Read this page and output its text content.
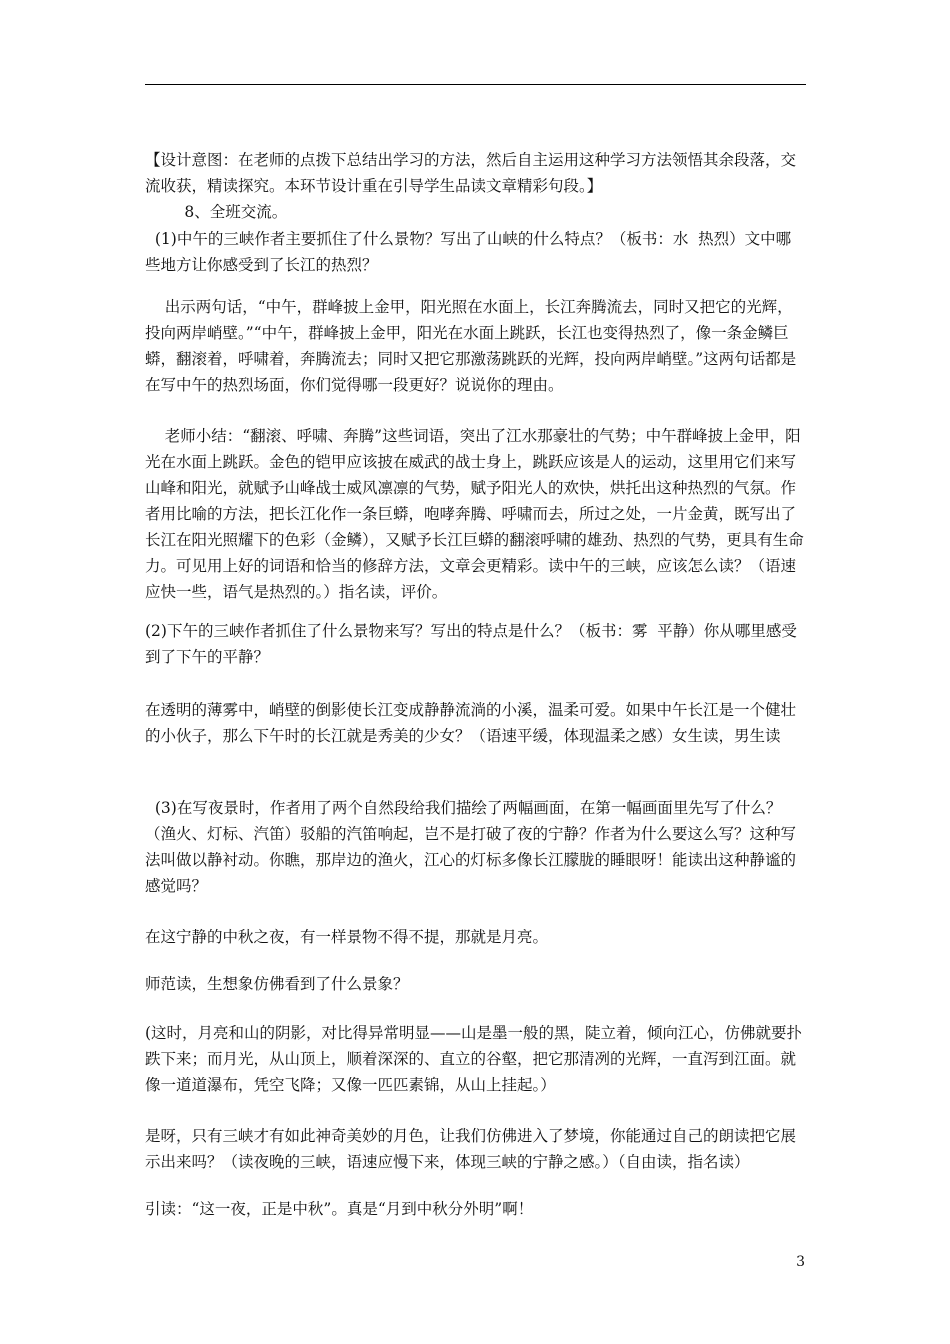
【设计意图：在老师的点拨下总结出学习的方法，然后自主运用这种学习方法领悟其余段落，交流收获，精读探究。本环节设计重在引导学生品读文章精彩句段。】

8、全班交流。

(1)中午的三峡作者主要抓住了什么景物？写出了山峡的什么特点？（板书：水  热烈）文中哪些地方让你感受到了长江的热烈？

出示两句话，“中午，群峰披上金甲，阳光照在水面上，长江奔腾流去，同时又把它的光辉，投向两岸峭壁。”“中午，群峰披上金甲，阳光在水面上跳跃，长江也变得热烈了，像一条金鳞巨蟒，翻滚着，呼啸着，奔腾流去；同时又把它那激荡跳跃的光辉，投向两岸峭壁。”这两句话都是在写中午的热烈场面，你们觉得哪一段更好？说说你的理由。

老师小结：“翻滚、呼啸、奔腾”这些词语，突出了江水那豪壮的气势；中午群峰披上金甲，阳光在水面上跳跃。金色的铠甲应该披在威武的战士身上，跳跃应该是人的运动，这里用它们来写山峰和阳光，就赋予山峰战士威风凛凛的气势，赋予阳光人的欢快，烘托出这种热烈的气氛。作者用比喻的方法，把长江化作一条巨蟒，咆哮奔腾、呼啸而去，所过之处，一片金黄，既写出了长江在阳光照耀下的色彩（金鳞），又赋予长江巨蟒的翻滚呼啸的雄劲、热烈的气势，更具有生命力。可见用上好的词语和恰当的修辞方法，文章会更精彩。读中午的三峡，应该怎么读？（语速应快一些，语气是热烈的。）指名读，评价。

(2)下午的三峡作者抓住了什么景物来写？写出的特点是什么？（板书：雾  平静）你从哪里感受到了下午的平静？

在透明的薄雾中，峭壁的倒影使长江变成静静流淌的小溪，温柔可爱。如果中午长江是一个健壮的小伙子，那么下午时的长江就是秀美的少女？（语速平缓，体现温柔之感）女生读，男生读

(3)在写夜景时，作者用了两个自然段给我们描绘了两幅画面，在第一幅画面里先写了什么？（渔火、灯标、汽笛）驳船的汽笛响起，岂不是打破了夜的宁静？作者为什么要这么写？这种写法叫做以静衬动。你瞧，那岸边的渔火，江心的灯标多像长江朦胧的睡眼呀！能读出这种静谧的感觉吗？

在这宁静的中秋之夜，有一样景物不得不提，那就是月亮。

师范读，生想象仿佛看到了什么景象？

(这时，月亮和山的阴影，对比得异常明显——山是墨一般的黑，陡立着，倾向江心，仿佛就要扑跌下来；而月光，从山顶上，顺着深深的、直立的谷壑，把它那清冽的光辉，一直泻到江面。就像一道道瀑布，凭空飞降；又像一匹匹素锦，从山上挂起。）

是呀，只有三峡才有如此神奇美妙的月色，让我们仿佛进入了梦境，你能通过自己的朗读把它展示出来吗？（读夜晚的三峡，语速应慢下来，体现三峡的宁静之感。）（自由读，指名读）

引读：“这一夜，正是中秋”。真是“月到中秋分外明”啊！

3
